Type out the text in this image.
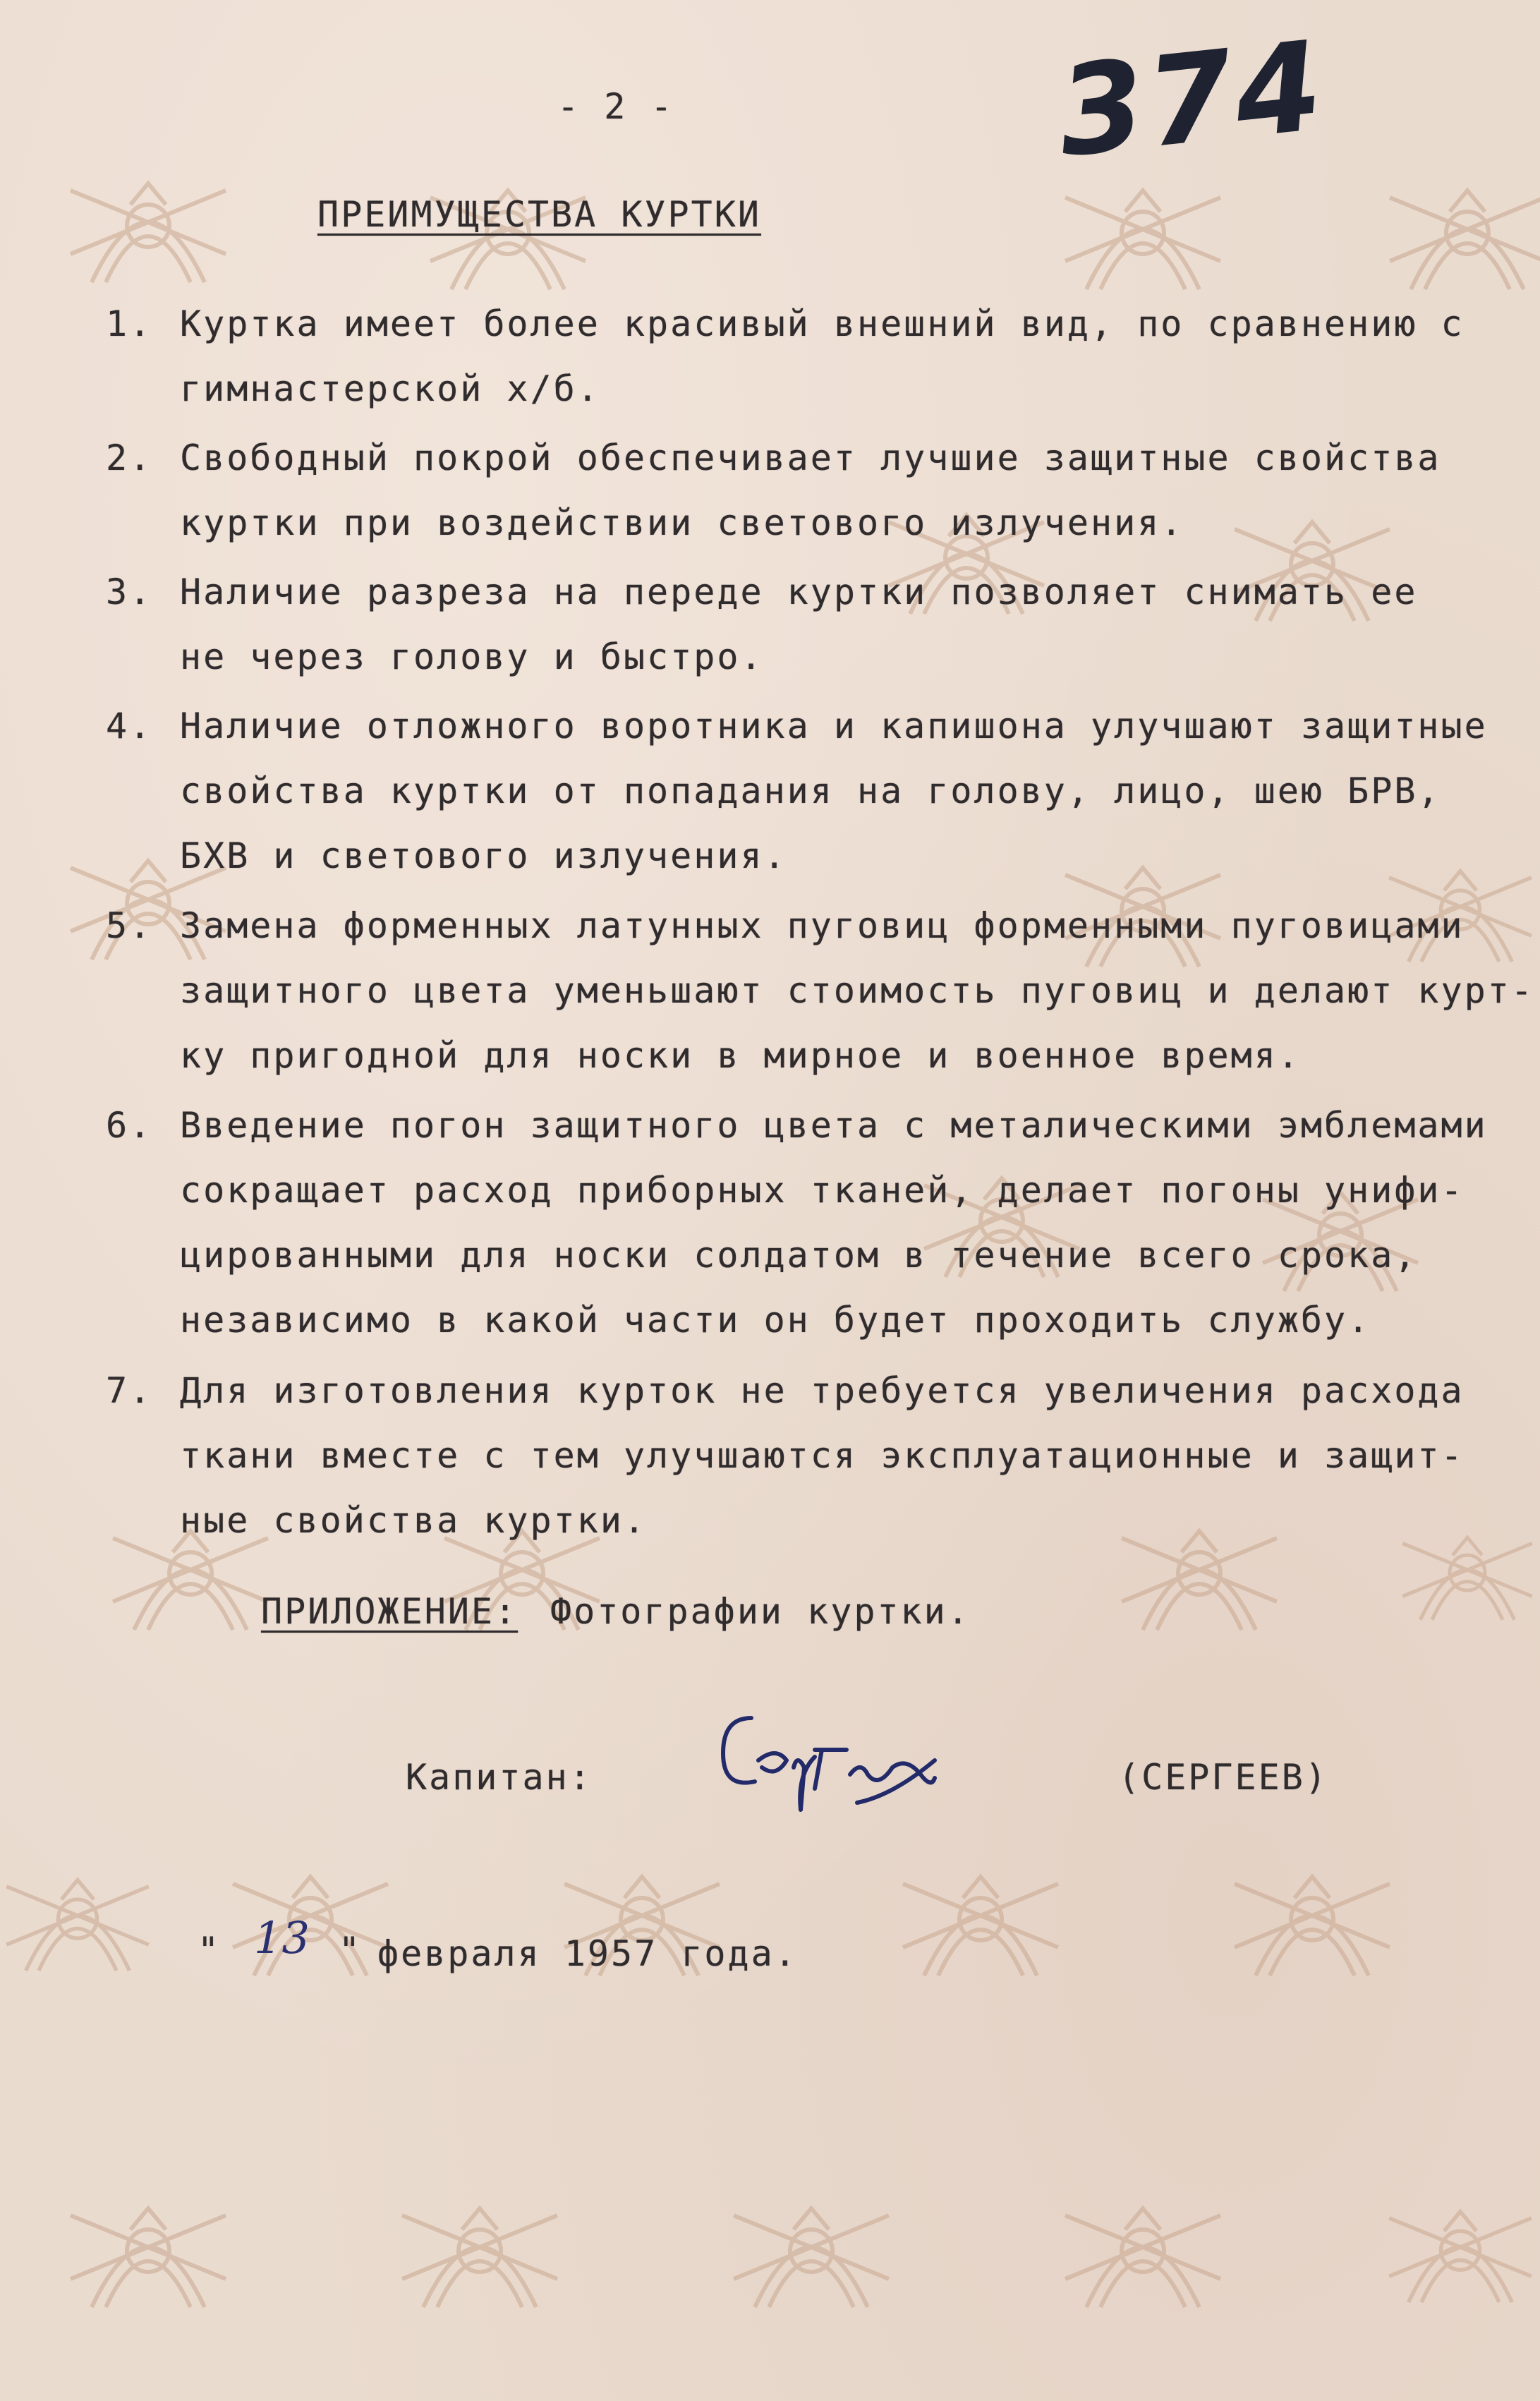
- 2 -	374
ПРЕИМУЩЕСТВА КУРТКИ
1. Куртка имеет более красивый внешний вид, по сравнению с
гимнастерской х/б.
2. Свободный покрой обеспечивает лучшие защитные свойства
куртки при воздействии светового излучения.
3. Наличие разреза на переде куртки позволяет снимать ее
не через голову и быстро.
4. Наличие отложного воротника и капишона улучшают защитные
свойства куртки от попадания на голову, лицо, шею БРВ,
БХВ и светового излучения.
5. Замена форменных латунных пуговиц форменными пуговицами
защитного цвета уменьшают стоимость пуговиц и делают курт-
ку пригодной для носки в мирное и военное время.
6. Введение погон защитного цвета с металическими эмблемами
сокращает расход приборных тканей, делает погоны унифи-
цированными для носки солдатом в течение всего срока,
независимо в какой части он будет проходить службу.
7. Для изготовления курток не требуется увеличения расхода
ткани вместе с тем улучшаются эксплуатационные и защит-
ные свойства куртки.
ПРИЛОЖЕНИЕ: Фотографии куртки.
Капитан:	(СЕРГЕЕВ)
" 13 " февраля 1957 года.
